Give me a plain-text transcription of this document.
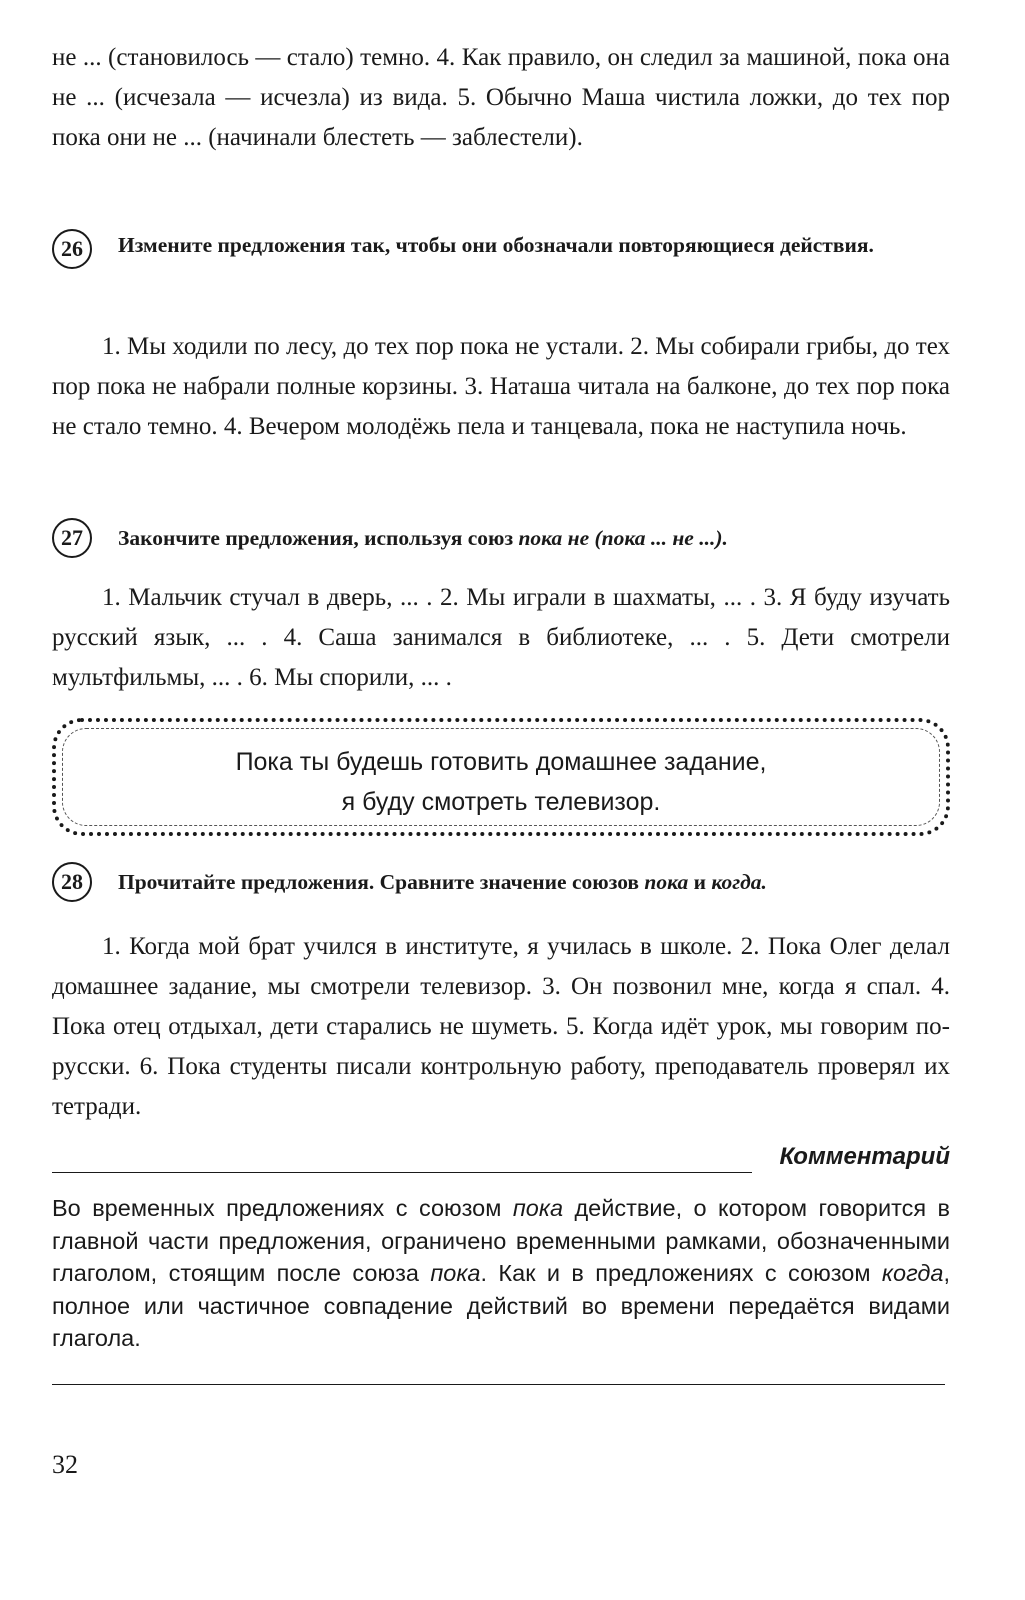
не ... (становилось — стало) темно. 4. Как правило, он следил за машиной, пока она не ... (исчезала — исчезла) из вида. 5. Обычно Маша чистила ложки, до тех пор пока они не ... (начинали блестеть — заблестели).

26	Измените предложения так, чтобы они обозначали повторяющиеся действия.

1. Мы ходили по лесу, до тех пор пока не устали. 2. Мы собирали грибы, до тех пор пока не набрали полные корзины. 3. Наташа читала на балконе, до тех пор пока не стало темно. 4. Вечером молодёжь пела и танцевала, пока не наступила ночь.

27	Закончите предложения, используя союз пока не (пока ... не ...).

1. Мальчик стучал в дверь, ... . 2. Мы играли в шахматы, ... . 3. Я буду изучать русский язык, ... . 4. Саша занимался в библиотеке, ... . 5. Дети смотрели мультфильмы, ... . 6. Мы спорили, ... .

Пока ты будешь готовить домашнее задание,
я буду смотреть телевизор.
28	Прочитайте предложения. Сравните значение союзов пока и когда.

1. Когда мой брат учился в институте, я училась в школе. 2. Пока Олег делал домашнее задание, мы смотрели телевизор. 3. Он позвонил мне, когда я спал. 4. Пока отец отдыхал, дети старались не шуметь. 5. Когда идёт урок, мы говорим по-русски. 6. Пока студенты писали контрольную работу, преподаватель проверял их тетради.

Комментарий

Во временных предложениях с союзом пока действие, о котором говорится в главной части предложения, ограничено временными рамками, обозначенными глаголом, стоящим после союза пока. Как и в предложениях с союзом когда, полное или частичное совпадение действий во времени передаётся видами глагола.

32
